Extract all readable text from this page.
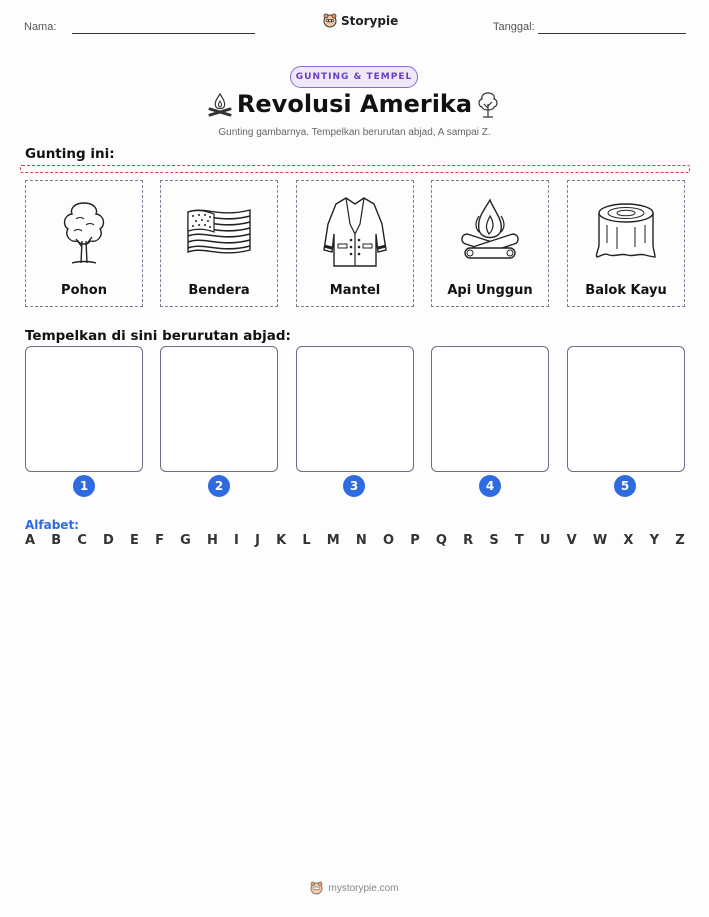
Nama:	Storypie	Tanggal:
GUNTING & TEMPEL
Revolusi Amerika
Gunting gambarnya. Tempelkan berurutan abjad, A sampai Z.
Gunting ini:
Pohon	Bendera	Mantel	Api Unggun	Balok Kayu
Tempelkan di sini berurutan abjad:
1	2	3	4	5
Alfabet:
A B C D E F G H I J K L M N O P Q R S T U V W X Y Z
mystorypie.com
